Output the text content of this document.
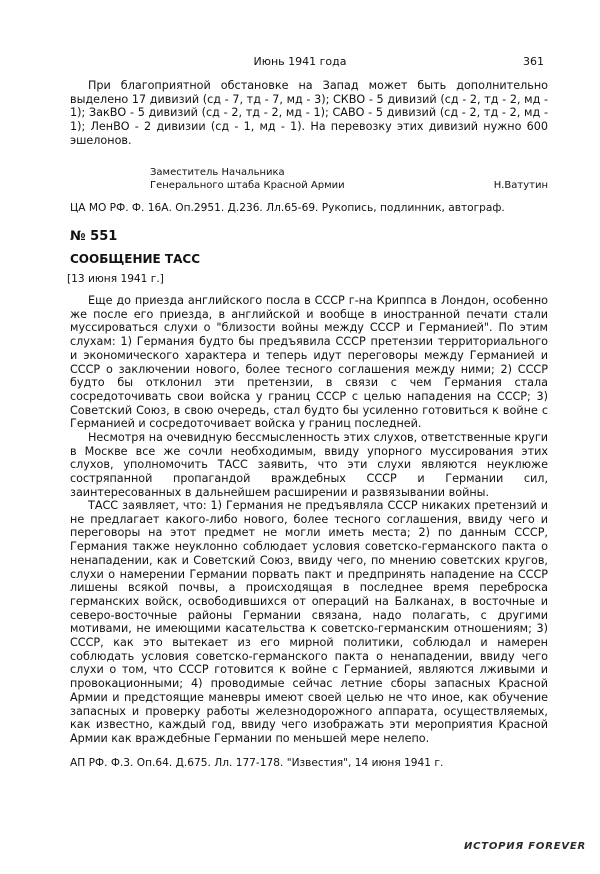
Июнь 1941 года	361

При благоприятной обстановке на Запад может быть дополнительно выделено 17 дивизий (сд - 7, тд - 7, мд - 3); СКВО - 5 дивизий (сд - 2, тд - 2, мд - 1); ЗакВО - 5 дивизий (сд - 2, тд - 2, мд - 1); САВО - 5 дивизий (сд - 2, тд - 2, мд - 1); ЛенВО - 2 дивизии (сд - 1, мд - 1). На перевозку этих дивизий нужно 600 эшелонов.

Заместитель Начальника
Генерального штаба Красной Армии	Н.Ватутин
ЦА МО РФ. Ф. 16А. Оп.2951. Д.236. Лл.65-69. Рукопись, подлинник, автограф.
№ 551
СООБЩЕНИЕ ТАСС
[13 июня 1941 г.]

Еще до приезда английского посла в СССР г-на Криппса в Лондон, особенно же после его приезда, в английской и вообще в иностранной печати стали муссироваться слухи о "близости войны между СССР и Германией". По этим слухам: 1) Германия будто бы предъявила СССР претензии территориального и экономического характера и теперь идут переговоры между Германией и СССР о заключении нового, более тесного соглашения между ними; 2) СССР будто бы отклонил эти претензии, в связи с чем Германия стала сосредоточивать свои войска у границ СССР с целью нападения на СССР; 3) Советский Союз, в свою очередь, стал будто бы усиленно готовиться к войне с Германией и сосредоточивает войска у границ последней.

Несмотря на очевидную бессмысленность этих слухов, ответственные круги в Москве все же сочли необходимым, ввиду упорного муссирования этих слухов, уполномочить ТАСС заявить, что эти слухи являются неуклюже состряпанной пропагандой враждебных СССР и Германии сил, заинтересованных в дальнейшем расширении и развязывании войны.

ТАСС заявляет, что: 1) Германия не предъявляла СССР никаких претензий и не предлагает какого-либо нового, более тесного соглашения, ввиду чего и переговоры на этот предмет не могли иметь места; 2) по данным СССР, Германия также неуклонно соблюдает условия советско-германского пакта о ненападении, как и Советский Союз, ввиду чего, по мнению советских кругов, слухи о намерении Германии порвать пакт и предпринять нападение на СССР лишены всякой почвы, а происходящая в последнее время переброска германских войск, освободившихся от операций на Балканах, в восточные и северо-восточные районы Германии связана, надо полагать, с другими мотивами, не имеющими касательства к советско-германским отношениям; 3) СССР, как это вытекает из его мирной политики, соблюдал и намерен соблюдать условия советско-германского пакта о ненападении, ввиду чего слухи о том, что СССР готовится к войне с Германией, являются лживыми и провокационными; 4) проводимые сейчас летние сборы запасных Красной Армии и предстоящие маневры имеют своей целью не что иное, как обучение запасных и проверку работы железнодорожного аппарата, осуществляемых, как известно, каждый год, ввиду чего изображать эти мероприятия Красной Армии как враждебные Германии по меньшей мере нелепо.

АП РФ. Ф.3. Оп.64. Д.675. Лл. 177-178. "Известия", 14 июня 1941 г.
ИСТОРИЯ FOREVER
